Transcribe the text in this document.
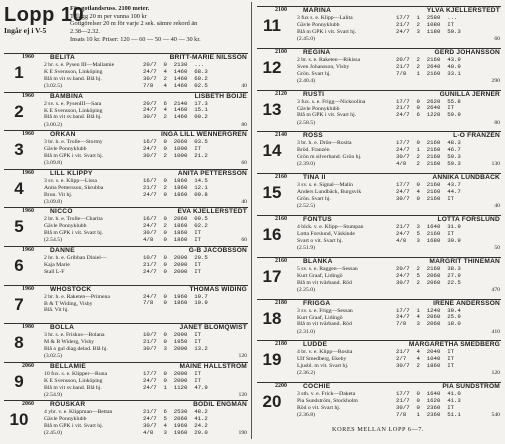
Lopp 10
Ingår ej i V-5
För gotlandsruss. 2100 meter.
Tillägg 20 m per vunna 100 kr
Gottgörelser 20 m för varje 2 sek. sämre rekord än
2.38—2.32.
Insats 10 kr. Priser: 120 — 60 — 50 — 40 — 30 kr.
1960 BELITA	BRITT-MARIE NILSSON
1	2 br. s. e. Pysen III—Mallamie
K E Svensson, Linköping
Blå m vit sv.band. Blå hj.
20/7  0  2130  ...
24/7  4  1460  68.3
30/7  2  1460  60.2
7/8   4  1460  02.5
(3.02.5)	40
1960 BAMBINA	LISBETH BOIJE
2	2 sv. s. e. PysenIII—Sara
K E Svensson, Linköping
Blå m vit sv.band. Blå hj.
20/7  6  2140  17.3
24/7  4  1460  15.1
30/7  2  1460  00.2
(3.00.2)	80
1960 ORKAN	INGA LILL WENNERGREN
3	3 br. h. e. Trolle—Stormy
Gävle Ponnyklubb
Blå m GPK i vit. Svart hj.
16/7  0  2060  03.5
24/7  0  1000  IT
30/7  2  1000  21.2
(3.09.8)	60
1960 LILL KLIPPY	ANITA PETTERSSON
4	3 sv. s. e. Klipp—Lissa
Anita Pettersson, Skrubba
Brun. Vit hj.
16/7  0  1860  14.5
21/7  2  1860  12.1
24/7  0  1860  09.8
(3.09.8)	40
1960 NICCO	EVA KJELLERSTEDT
5	2 br. h. e. Trolle—Charita
Gävle Ponnyklubb
Blå m GPK i vit. Svart hj.
16/7  0  2060  09.5
24/7  2  1860  02.2
30/7  0  1860  IT
4/8   0  1860  IT
(2.54.5)	60
1960 DANNE	G-B JACOBSSON
6	2 br. h. e. Gribban Diniel—
Kaja Marie
Stall L-F
10/7  0  2000  20.5
21/7  0  2000  IT
24/7  0  2000  IT
1960 WHOSTOCK	THOMAS WIDING
7	2 br. h. e. Raketen—Primena
B & T Widing, Visby
Blå. Vit hj.
24/7  0  1960  19.7
7/8   0  1860  10.9
1980 BOLLA	JANET BLOMQWIST
8	3 br. s. e. Friskus—Bolana
M & B Widerg, Visby
Blå o gul diag.delad. Blå hj.
10/7  0  2000  IT
21/7  0  1950  IT
30/7  3  2000  13.2
(3.02.5)	120
2060 BELLAMIE	MAINE HALLSTRÖM
9	10 fux. s. e. Klipper—Runa
K E Svensson, Linköping
Blå m vit sv.band. Blå hj.
17/7  0  2000  IT
24/7  0  2000  IT
24/7  1  1120  47.9
(2.54.9)	120
2060 ROUSKAR	BODIL ENGMAN
10	4 ybr. v. e. Klippman—Bettan
Gävle Ponnyklubb
Blå m GPK i vit. Svart hj.
21/7  6  2530  48.2
24/7  5  2060  41.2
30/7  4  1960  24.2
4/8   3  1960  29.0
(2.45.0)	190
2100 MARINA	YLVA KJELLERSTEDT
11	3 fux s. e. Klipp—Lalita
Gävle Ponnyklubb
Blå m GPK i vit. Svart hj.
17/7  1  2580  ...
21/7  2  1080  IT
24/7  3  1180  50.3
(2.45.0)	60
2100 REGINA	GERD JOHANSSON
12	2 br. s. e. Raketen—Rikissa
Sven Johansson, Visby
Grön. Svart hj.
20/7  2  2160  43.9
21/7  2  2640  40.9
7/8   1  2160  33.1
(2.40.4)	290
2120 RUSTI	GUNILLA JERNER
13	3 fux. s. e. Frigg—Nickoolina
Gävle Ponnyklubb
Blå m GPK i vit. Svart hj.
17/7  0  2620  55.8
21/7  0  2640  IT
24/7  6  1220  59.9
(2.58.5)	80
2140 ROSS	L-O FRANZÉN
14	3 br. h. e. Drön—Rosita
Bröd. Franzén
Grön m silverband. Grön hj.
17/7  0  2160  48.3
24/7  1  2160  46.7
30/7  2  2160  50.3
4/8   2  2160  50.3
(2.39.0)	130
2160 TINA II	ANNIKA LUNDBÄCK
15	3 sv. s. e. Signal—Malin
Anders Lundbäck, Burgsvik
Grön. Svart hj.
17/7  0  2160  43.7
24/7  4  2160  44.7
30/7  0  2160  IT
(2.52.5)	40
2160 FONTUS	LOTTA FORSLUND
16	4 blck. v. e. Klipp—Stumpan
Lotta Forslund, Väskinde
Svart o vit. Svart hj.
21/7  3  1640  31.9
24/7  5  2160  IT
4/8   3  1680  39.9
(2.51.9)	50
2160 BLANKA	MARGRIT THINEMAN
17	5 sv. s. e. Raggen—Sessan
Kurt Graaf, Lidingö
Blå m vit tvärband. Röd
20/7  2  2160  38.3
24/7  5  2060  27.9
30/7  2  2060  22.5
(2.25.0)	470
2180 FRIGGA	IRENE ANDERSSON
18	3 sv. s. e. Frigg—Sessan
Kurt Graaf, Lidingö
Blå m vit tvärband. Röd
17/7  1  1240  30.4
24/7  4  2060  25.9
7/8   3  2060  18.0
(2.31.0)	410
2180 LUDDE	MARGARETHA SMEDBERG
19	4 br. v. e. Klipp—Rosita
Ulf Smedberg, Ekeby
Ljusbl. m vit. Svart hj.
21/7  4  2040  IT
2/7   4  1040  IT
30/7  2  1860  IT
(2.36.2)	120
2200 COCHIE	PIA SUNDSTRÖM
20	3 sth. v. e. Frick—Daketa
Pia Sundström, Stockholm
Röd o vit. Svart hj.
17/7  0  1640  41.0
21/7  0  1620  41.3
30/7  0  2360  IT
7/8   1  2360  51.1
(2.36.8)	540
KORES MELLAN LOPP 6—7.
